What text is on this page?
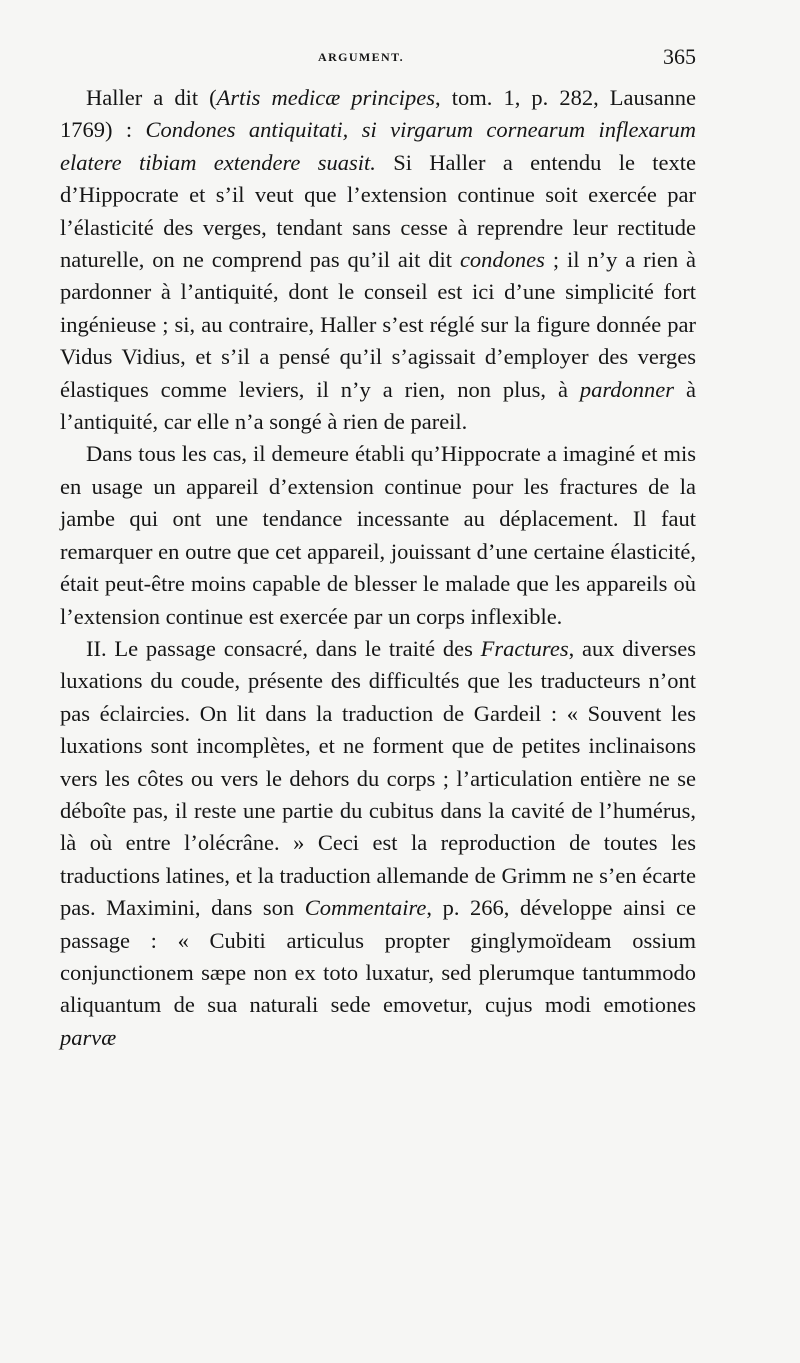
ARGUMENT.	365

Haller a dit (Artis medicæ principes, tom. 1, p. 282, Lausanne 1769) : Condones antiquitati, si virgarum cornearum inflexarum elatere tibiam extendere suasit. Si Haller a entendu le texte d’Hippocrate et s’il veut que l’extension continue soit exercée par l’élasticité des verges, tendant sans cesse à reprendre leur rectitude naturelle, on ne comprend pas qu’il ait dit condones ; il n’y a rien à pardonner à l’antiquité, dont le conseil est ici d’une simplicité fort ingénieuse ; si, au contraire, Haller s’est réglé sur la figure donnée par Vidus Vidius, et s’il a pensé qu’il s’agissait d’employer des verges élastiques comme leviers, il n’y a rien, non plus, à pardonner à l’antiquité, car elle n’a songé à rien de pareil.

Dans tous les cas, il demeure établi qu’Hippocrate a imaginé et mis en usage un appareil d’extension continue pour les fractures de la jambe qui ont une tendance incessante au déplacement. Il faut remarquer en outre que cet appareil, jouissant d’une certaine élasticité, était peut-être moins capable de blesser le malade que les appareils où l’extension continue est exercée par un corps inflexible.

II. Le passage consacré, dans le traité des Fractures, aux diverses luxations du coude, présente des difficultés que les traducteurs n’ont pas éclaircies. On lit dans la traduction de Gardeil : « Souvent les luxations sont incomplètes, et ne forment que de petites inclinaisons vers les côtes ou vers le dehors du corps ; l’articulation entière ne se déboîte pas, il reste une partie du cubitus dans la cavité de l’humérus, là où entre l’olécrâne. » Ceci est la reproduction de toutes les traductions latines, et la traduction allemande de Grimm ne s’en écarte pas. Maximini, dans son Commentaire, p. 266, développe ainsi ce passage : « Cubiti articulus propter ginglymoïdeam ossium conjunctionem sæpe non ex toto luxatur, sed plerumque tantummodo aliquantum de sua naturali sede emovetur, cujus modi emotiones parvæ
